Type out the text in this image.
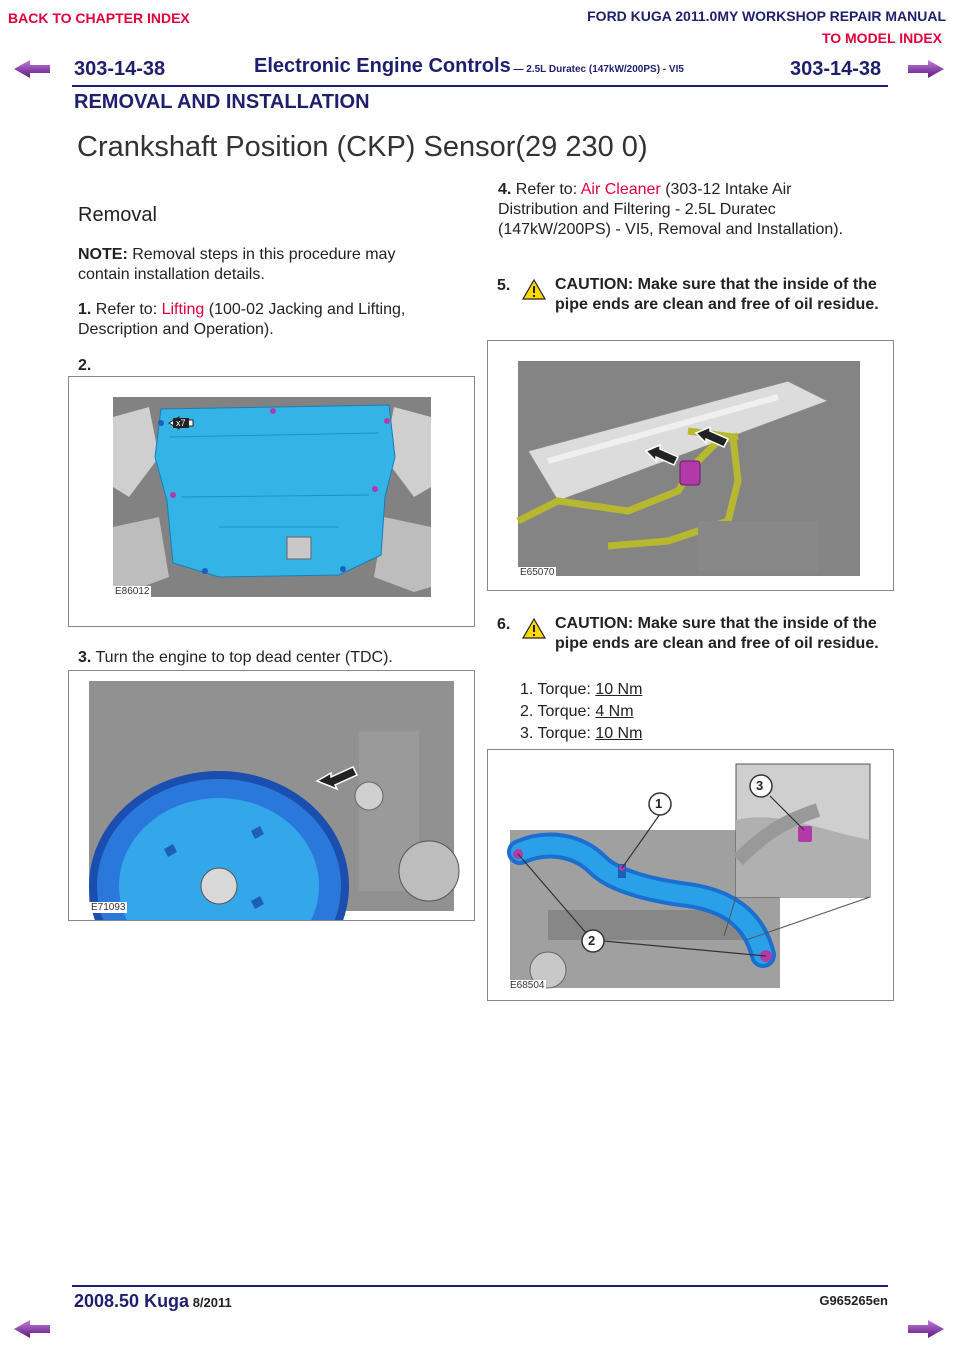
BACK TO CHAPTER INDEX	FORD KUGA 2011.0MY WORKSHOP REPAIR MANUAL
TO MODEL INDEX
303-14-38	Electronic Engine Controls — 2.5L Duratec (147kW/200PS) - VI5	303-14-38
REMOVAL AND INSTALLATION
Crankshaft Position (CKP) Sensor(29 230 0)
Removal
NOTE: Removal steps in this procedure may contain installation details.
1. Refer to: Lifting (100-02 Jacking and Lifting, Description and Operation).
2.
x7
E86012
3. Turn the engine to top dead center (TDC).
E71093
4. Refer to: Air Cleaner (303-12 Intake Air Distribution and Filtering - 2.5L Duratec (147kW/200PS) - VI5, Removal and Installation).
5.	CAUTION: Make sure that the inside of the pipe ends are clean and free of oil residue.
E65070
6.	CAUTION: Make sure that the inside of the pipe ends are clean and free of oil residue.
1. Torque: 10 Nm
2. Torque: 4 Nm
3. Torque: 10 Nm
1
2
3
E68504
2008.50 Kuga 8/2011	G965265en
